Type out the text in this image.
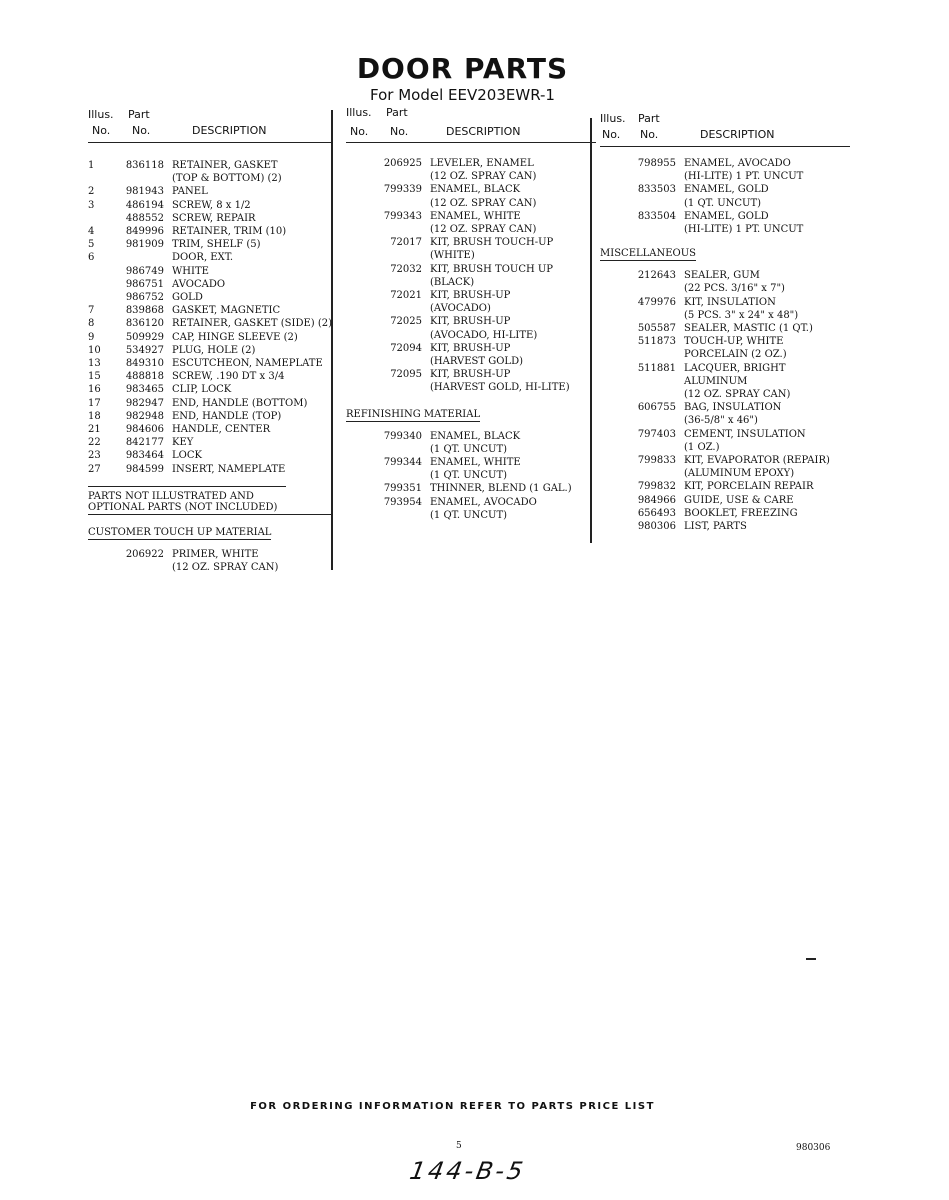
DOOR PARTS
For Model EEV203EWR-1
Illus. Part
No. No.	DESCRIPTION
1	836118 RETAINER, GASKET
(TOP & BOTTOM) (2)
2	981943 PANEL
3	486194 SCREW, 8 x 1/2
488552 SCREW, REPAIR
4	849996 RETAINER, TRIM (10)
5	981909 TRIM, SHELF (5)
6	DOOR, EXT.
986749 WHITE
986751 AVOCADO
986752 GOLD
7	839868 GASKET, MAGNETIC
8	836120 RETAINER, GASKET (SIDE) (2)
9	509929 CAP, HINGE SLEEVE (2)
10	534927 PLUG, HOLE (2)
13	849310 ESCUTCHEON, NAMEPLATE
15	488818 SCREW, .190 DT x 3/4
16	983465 CLIP, LOCK
17	982947 END, HANDLE (BOTTOM)
18	982948 END, HANDLE (TOP)
21	984606 HANDLE, CENTER
22	842177 KEY
23	983464 LOCK
27	984599 INSERT, NAMEPLATE
PARTS NOT ILLUSTRATED AND
OPTIONAL PARTS (NOT INCLUDED)
CUSTOMER TOUCH UP MATERIAL
206922 PRIMER, WHITE
(12 OZ. SPRAY CAN)
Illus. Part
No. No.	DESCRIPTION
206925 LEVELER, ENAMEL
(12 OZ. SPRAY CAN)
799339 ENAMEL, BLACK
(12 OZ. SPRAY CAN)
799343 ENAMEL, WHITE
(12 OZ. SPRAY CAN)
72017 KIT, BRUSH TOUCH-UP
(WHITE)
72032 KIT, BRUSH TOUCH UP
(BLACK)
72021 KIT, BRUSH-UP
(AVOCADO)
72025 KIT, BRUSH-UP
(AVOCADO, HI-LITE)
72094 KIT, BRUSH-UP
(HARVEST GOLD)
72095 KIT, BRUSH-UP
(HARVEST GOLD, HI-LITE)
REFINISHING MATERIAL
799340 ENAMEL, BLACK
(1 QT. UNCUT)
799344 ENAMEL, WHITE
(1 QT. UNCUT)
799351 THINNER, BLEND (1 GAL.)
793954 ENAMEL, AVOCADO
(1 QT. UNCUT)
Illus. Part
No. No.	DESCRIPTION
798955 ENAMEL, AVOCADO
(HI-LITE) 1 PT. UNCUT
833503 ENAMEL, GOLD
(1 QT. UNCUT)
833504 ENAMEL, GOLD
(HI-LITE) 1 PT. UNCUT
MISCELLANEOUS
212643 SEALER, GUM
(22 PCS. 3/16" x 7")
479976 KIT, INSULATION
(5 PCS. 3" x 24" x 48")
505587 SEALER, MASTIC (1 QT.)
511873 TOUCH-UP, WHITE
PORCELAIN (2 OZ.)
511881 LACQUER, BRIGHT
ALUMINUM
(12 OZ. SPRAY CAN)
606755 BAG, INSULATION
(36-5/8" x 46")
797403 CEMENT, INSULATION
(1 OZ.)
799833 KIT, EVAPORATOR (REPAIR)
(ALUMINUM EPOXY)
799832 KIT, PORCELAIN REPAIR
984966 GUIDE, USE & CARE
656493 BOOKLET, FREEZING
980306 LIST, PARTS
FOR ORDERING INFORMATION REFER TO PARTS PRICE LIST
5	980306
144-B-5
